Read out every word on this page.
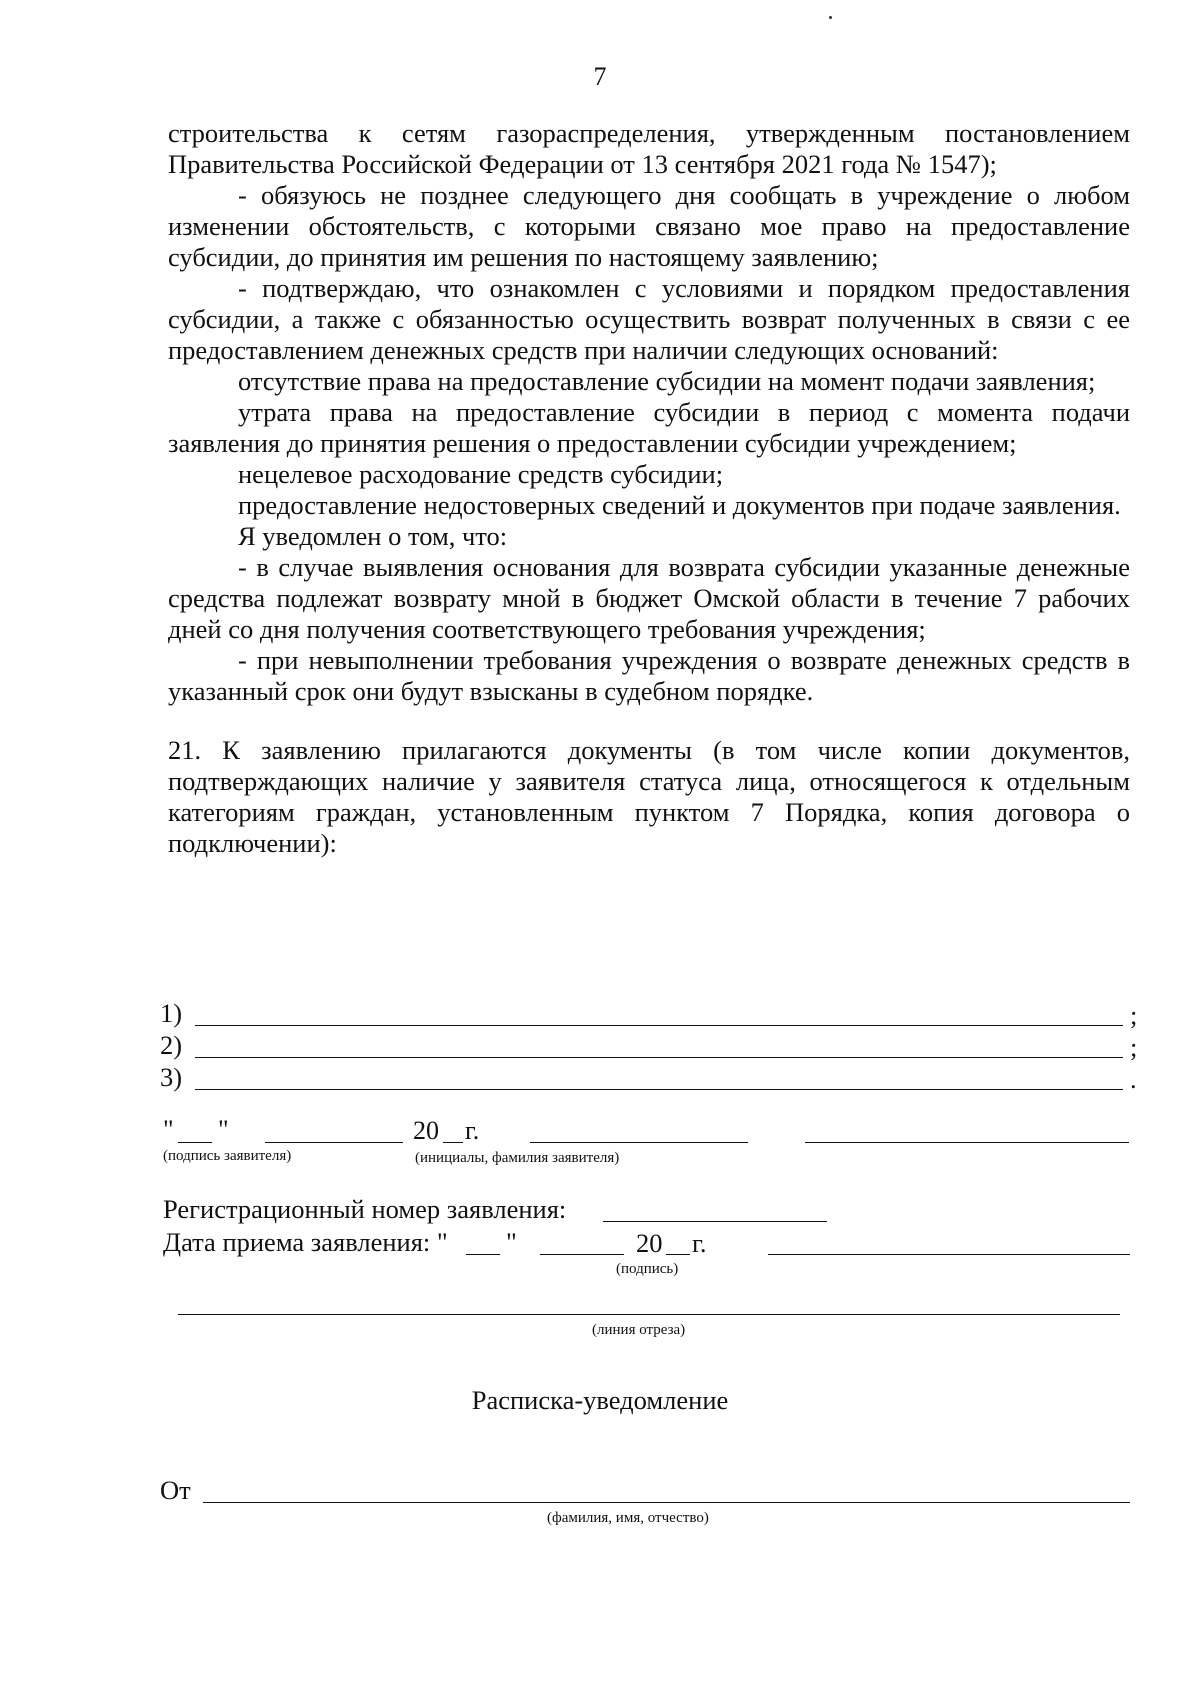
7

строительства к сетям газораспределения, утвержденным постановлением Правительства Российской Федерации от 13 сентября 2021 года № 1547);

- обязуюсь не позднее следующего дня сообщать в учреждение о любом изменении обстоятельств, с которыми связано мое право на предоставление субсидии, до принятия им решения по настоящему заявлению;

- подтверждаю, что ознакомлен с условиями и порядком предоставления субсидии, а также с обязанностью осуществить возврат полученных в связи с ее предоставлением денежных средств при наличии следующих оснований:

отсутствие права на предоставление субсидии на момент подачи заявления;

утрата права на предоставление субсидии в период с момента подачи заявления до принятия решения о предоставлении субсидии учреждением;

нецелевое расходование средств субсидии;

предоставление недостоверных сведений и документов при подаче заявления.

Я уведомлен о том, что:

- в случае выявления основания для возврата субсидии указанные денежные средства подлежат возврату мной в бюджет Омской области в течение 7 рабочих дней со дня получения соответствующего требования учреждения;

- при невыполнении требования учреждения о возврате денежных средств в указанный срок они будут взысканы в судебном порядке.

21. К заявлению прилагаются документы (в том числе копии документов, подтверждающих наличие у заявителя статуса лица, относящегося к отдельным категориям граждан, установленным пунктом 7 Порядка, копия договора о подключении):

1)	;
2)	;
3)	.
" "	20 г.
(подпись заявителя)	(инициалы, фамилия заявителя)
Регистрационный номер заявления:
Дата приема заявления: " "	20 г.
(подпись)
(линия отреза)
Расписка-уведомление
От
(фамилия, имя, отчество)
